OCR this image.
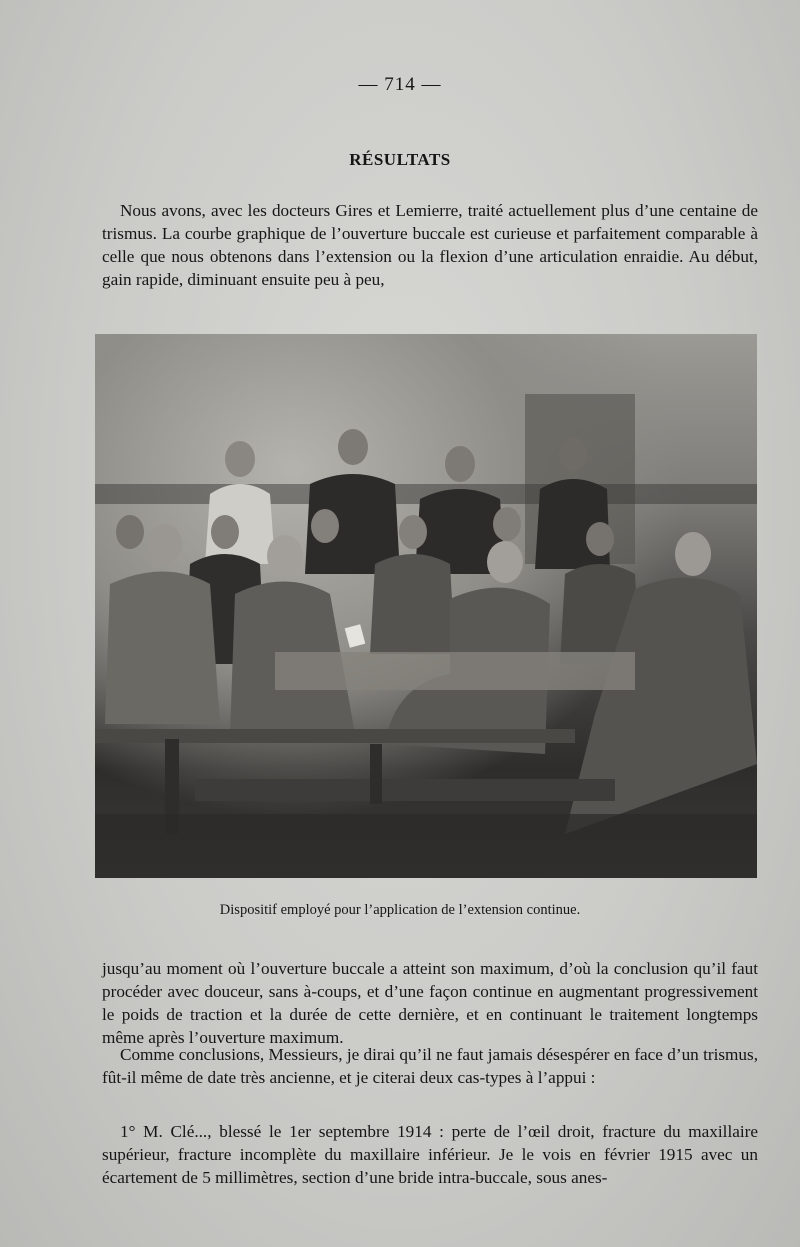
— 714 —
RÉSULTATS
Nous avons, avec les docteurs Gires et Lemierre, traité actuellement plus d’une centaine de trismus. La courbe graphique de l’ouverture buccale est curieuse et parfaitement comparable à celle que nous obtenons dans l’extension ou la flexion d’une articulation enraidie. Au début, gain rapide, diminuant ensuite peu à peu,
Dispositif employé pour l’application de l’extension continue.
jusqu’au moment où l’ouverture buccale a atteint son maximum, d’où la conclusion qu’il faut procéder avec douceur, sans à-coups, et d’une façon continue en augmentant progressivement le poids de traction et la durée de cette dernière, et en continuant le traitement longtemps même après l’ouverture maximum.
Comme conclusions, Messieurs, je dirai qu’il ne faut jamais désespérer en face d’un trismus, fût-il même de date très ancienne, et je citerai deux cas-types à l’appui :
1° M. Clé..., blessé le 1er septembre 1914 : perte de l’œil droit, fracture du maxillaire supérieur, fracture incomplète du maxillaire inférieur. Je le vois en février 1915 avec un écartement de 5 millimètres, section d’une bride intra-buccale, sous anes-
